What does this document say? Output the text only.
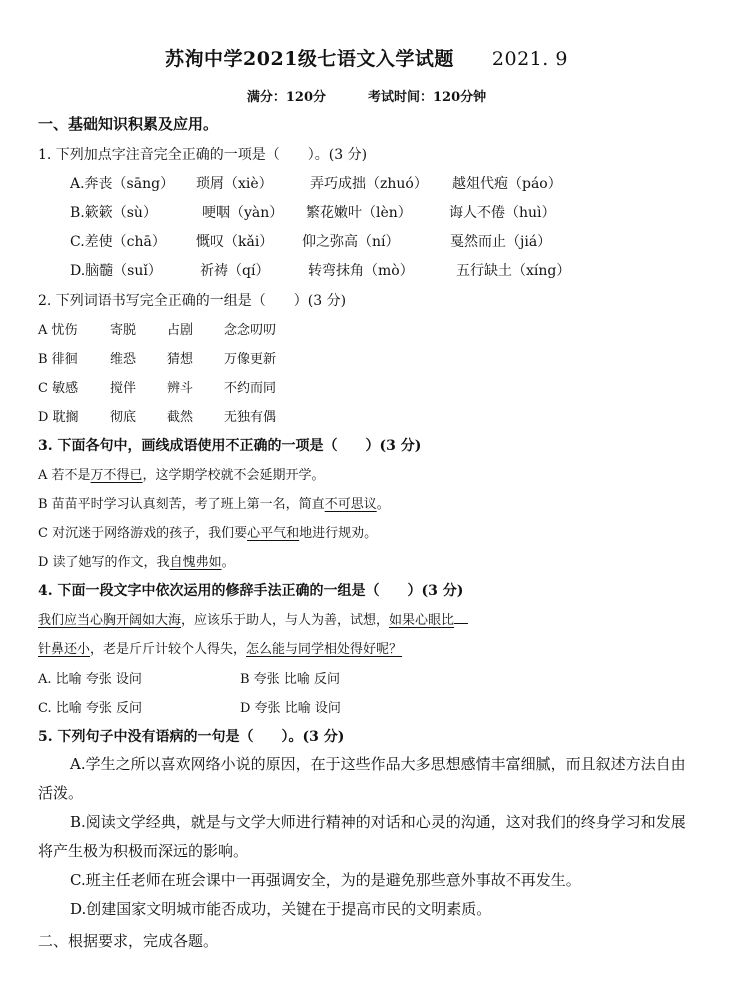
苏洵中学2021级七语文入学试题 2021. 9
满分：120分	考试时间：120分钟
一、基础知识积累及应用。
1. 下列加点字注音完全正确的一项是（　　）。(3 分)
A.奔丧（sāng） 琐屑（xiè）	弄巧成拙（zhuó） 越俎代疱（páo）
B.簌簌（sù）	哽咽（yàn） 繁花嫩叶（lèn）	诲人不倦（huì）
C.差使（chā） 慨叹（kǎi） 仰之弥高（ní）	戛然而止（jiá）
D.脑髓（suǐ）	祈祷（qí）	转弯抹角（mò）	五行缺土（xíng）
2. 下列词语书写完全正确的一组是（　　）(3 分)
A 忧伤 寄脱 占剧 念念叨叨
B 徘徊 维恐 猜想 万像更新
C 敏感 搅伴 辨斗 不约而同
D 耽搁 彻底 截然 无独有偶
3. 下面各句中，画线成语使用不正确的一项是（　　）(3 分)
A 若不是万不得已，这学期学校就不会延期开学。
B 苗苗平时学习认真刻苦，考了班上第一名，简直不可思议。
C 对沉迷于网络游戏的孩子，我们要心平气和地进行规劝。
D 读了她写的作文，我自愧弗如。
4. 下面一段文字中依次运用的修辞手法正确的一组是（　　）(3 分)
我们应当心胸开阔如大海，应该乐于助人，与人为善，试想，如果心眼比
针鼻还小，老是斤斤计较个人得失，怎么能与同学相处得好呢？
A. 比喻 夸张 设问	B 夸张 比喻 反问
C. 比喻 夸张 反问	D 夸张 比喻 设问
5. 下列句子中没有语病的一句是（　　）。(3 分)
A.学生之所以喜欢网络小说的原因，在于这些作品大多思想感情丰富细腻，而且叙述方法自由活泼。
B.阅读文学经典，就是与文学大师进行精神的对话和心灵的沟通，这对我们的终身学习和发展将产生极为积极而深远的影响。
C.班主任老师在班会课中一再强调安全，为的是避免那些意外事故不再发生。
D.创建国家文明城市能否成功，关键在于提高市民的文明素质。
二、根据要求，完成各题。
